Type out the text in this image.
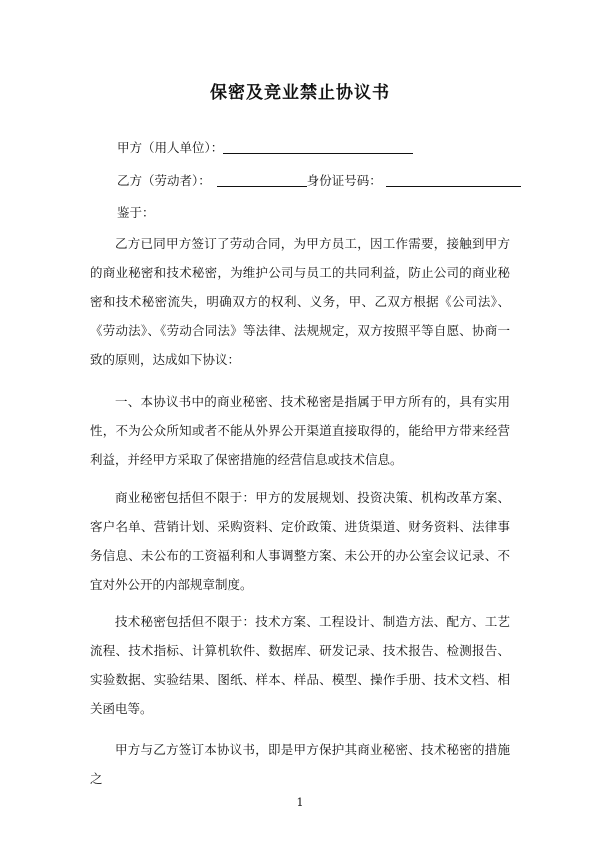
保密及竞业禁止协议书
甲方（用人单位）：
乙方（劳动者）：	身份证号码：
鉴于：

乙方已同甲方签订了劳动合同，为甲方员工，因工作需要，接触到甲方的商业秘密和技术秘密，为维护公司与员工的共同利益，防止公司的商业秘密和技术秘密流失，明确双方的权利、义务，甲、乙双方根据《公司法》、《劳动法》、《劳动合同法》等法律、法规规定，双方按照平等自愿、协商一致的原则，达成如下协议：

一、本协议书中的商业秘密、技术秘密是指属于甲方所有的，具有实用性，不为公众所知或者不能从外界公开渠道直接取得的，能给甲方带来经营利益，并经甲方采取了保密措施的经营信息或技术信息。

商业秘密包括但不限于：甲方的发展规划、投资决策、机构改革方案、客户名单、营销计划、采购资料、定价政策、进货渠道、财务资料、法律事务信息、未公布的工资福利和人事调整方案、未公开的办公室会议记录、不宜对外公开的内部规章制度。

技术秘密包括但不限于：技术方案、工程设计、制造方法、配方、工艺流程、技术指标、计算机软件、数据库、研发记录、技术报告、检测报告、实验数据、实验结果、图纸、样本、样品、模型、操作手册、技术文档、相关函电等。

甲方与乙方签订本协议书，即是甲方保护其商业秘密、技术秘密的措施之

1
